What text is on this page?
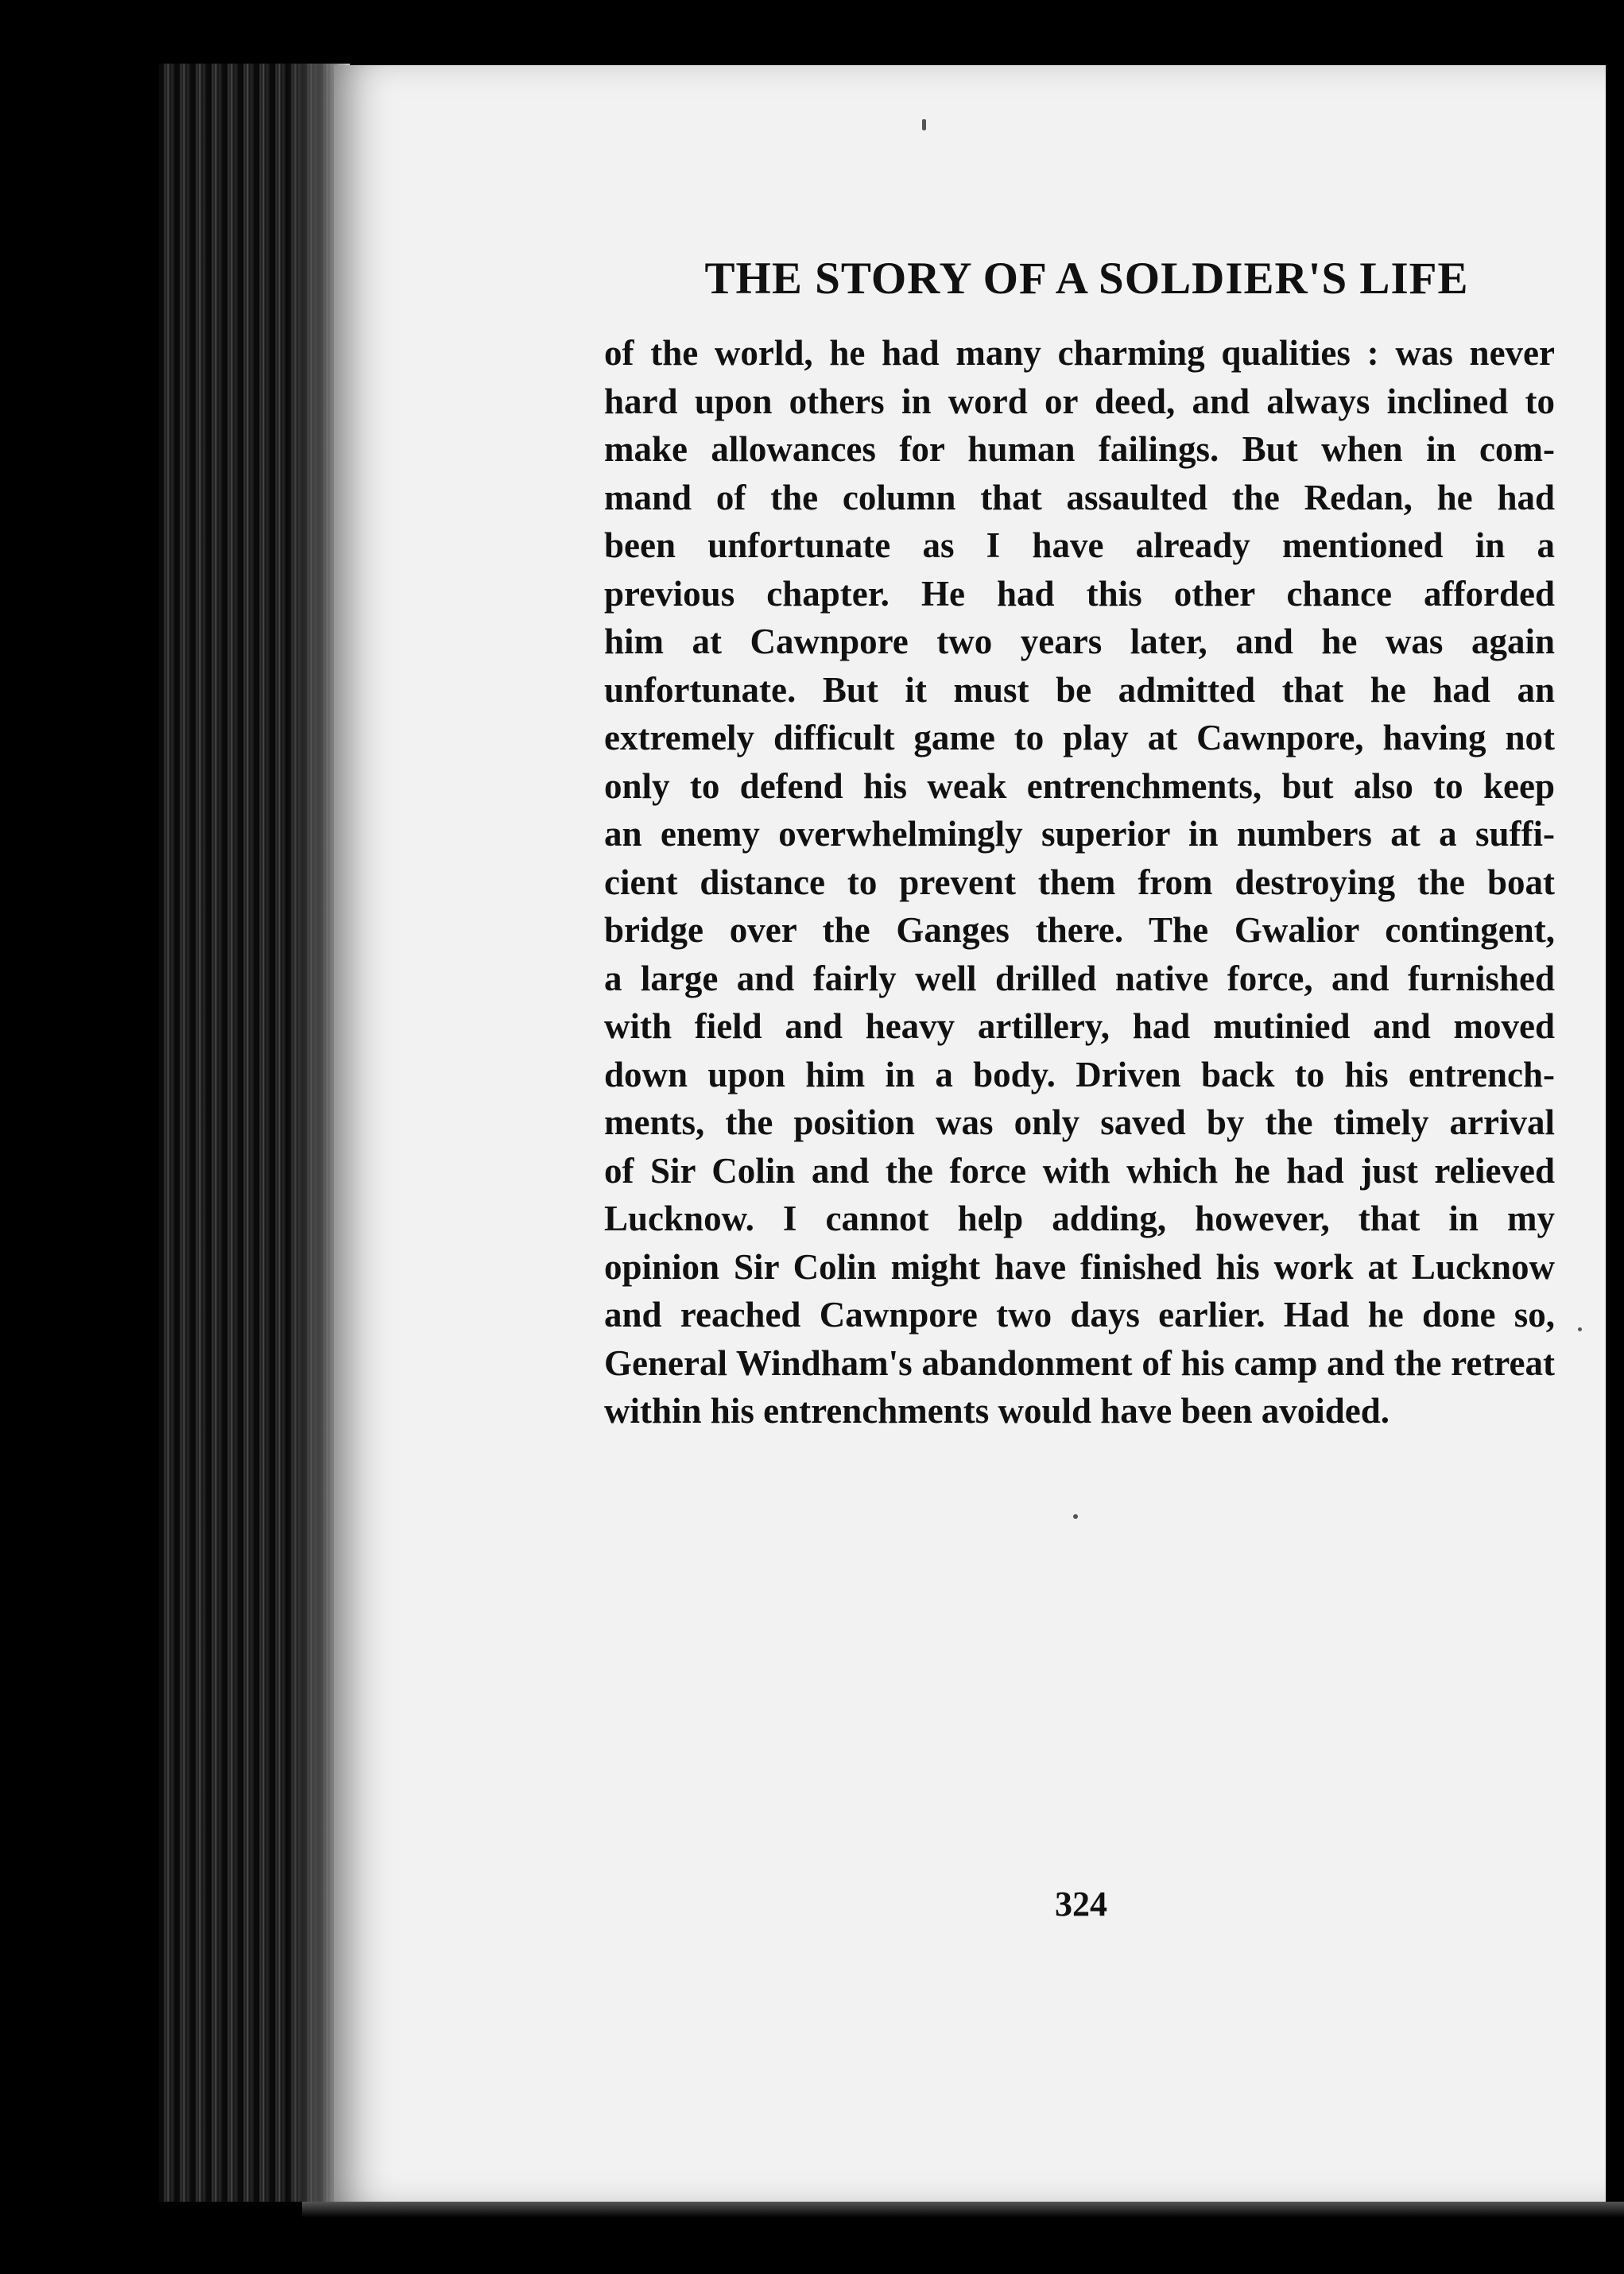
THE STORY OF A SOLDIER'S LIFE
of the world, he had many charming qualities : was never
hard upon others in word or deed, and always inclined to
make allowances for human failings. But when in com-
mand of the column that assaulted the Redan, he had
been unfortunate as I have already mentioned in a
previous chapter. He had this other chance afforded
him at Cawnpore two years later, and he was again
unfortunate. But it must be admitted that he had an
extremely difficult game to play at Cawnpore, having not
only to defend his weak entrenchments, but also to keep
an enemy overwhelmingly superior in numbers at a suffi-
cient distance to prevent them from destroying the boat
bridge over the Ganges there. The Gwalior contingent,
a large and fairly well drilled native force, and furnished
with field and heavy artillery, had mutinied and moved
down upon him in a body. Driven back to his entrench-
ments, the position was only saved by the timely arrival
of Sir Colin and the force with which he had just relieved
Lucknow. I cannot help adding, however, that in my
opinion Sir Colin might have finished his work at Lucknow
and reached Cawnpore two days earlier. Had he done so,
General Windham's abandonment of his camp and the retreat
within his entrenchments would have been avoided.
324
